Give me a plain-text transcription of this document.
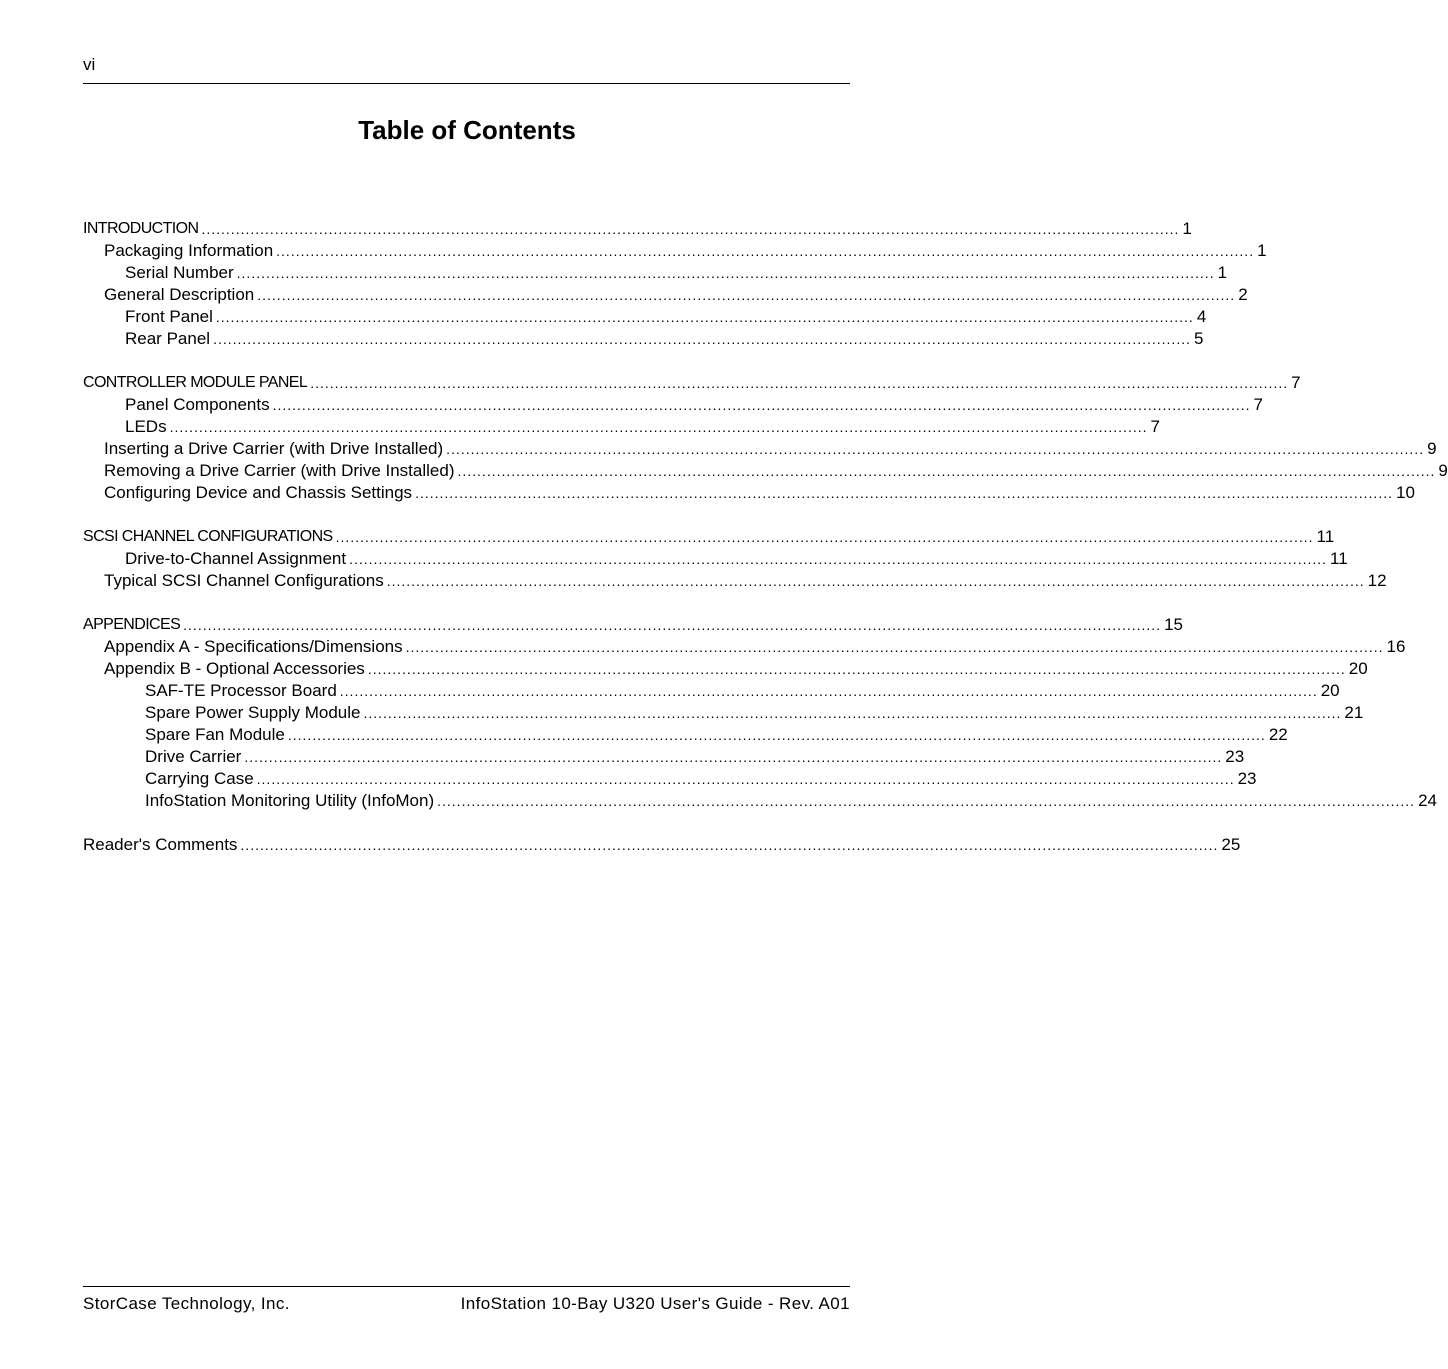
vi
Table of Contents
INTRODUCTION ........................................................................................................................................................................................................ 1
Packaging Information ........................................................................................................................................................................................................ 1
Serial Number ........................................................................................................................................................................................................ 1
General Description ........................................................................................................................................................................................................ 2
Front Panel ........................................................................................................................................................................................................ 4
Rear Panel ........................................................................................................................................................................................................ 5
CONTROLLER MODULE PANEL ........................................................................................................................................................................................................ 7
Panel Components ........................................................................................................................................................................................................ 7
LEDs ........................................................................................................................................................................................................ 7
Inserting a Drive Carrier (with Drive Installed) ........................................................................................................................................................................................................ 9
Removing a Drive Carrier (with Drive Installed) ........................................................................................................................................................................................................ 9
Configuring Device and Chassis Settings ........................................................................................................................................................................................................ 10
SCSI CHANNEL CONFIGURATIONS ........................................................................................................................................................................................................ 11
Drive-to-Channel Assignment ........................................................................................................................................................................................................ 11
Typical SCSI Channel Configurations ........................................................................................................................................................................................................ 12
APPENDICES ........................................................................................................................................................................................................ 15
Appendix A - Specifications/Dimensions ........................................................................................................................................................................................................ 16
Appendix B - Optional Accessories ........................................................................................................................................................................................................ 20
SAF-TE Processor Board ........................................................................................................................................................................................................ 20
Spare Power Supply Module ........................................................................................................................................................................................................ 21
Spare Fan Module ........................................................................................................................................................................................................ 22
Drive Carrier ........................................................................................................................................................................................................ 23
Carrying Case ........................................................................................................................................................................................................ 23
InfoStation Monitoring Utility (InfoMon) ........................................................................................................................................................................................................ 24
Reader's Comments ........................................................................................................................................................................................................ 25
StorCase Technology, Inc.	InfoStation 10-Bay U320 User's Guide - Rev. A01
